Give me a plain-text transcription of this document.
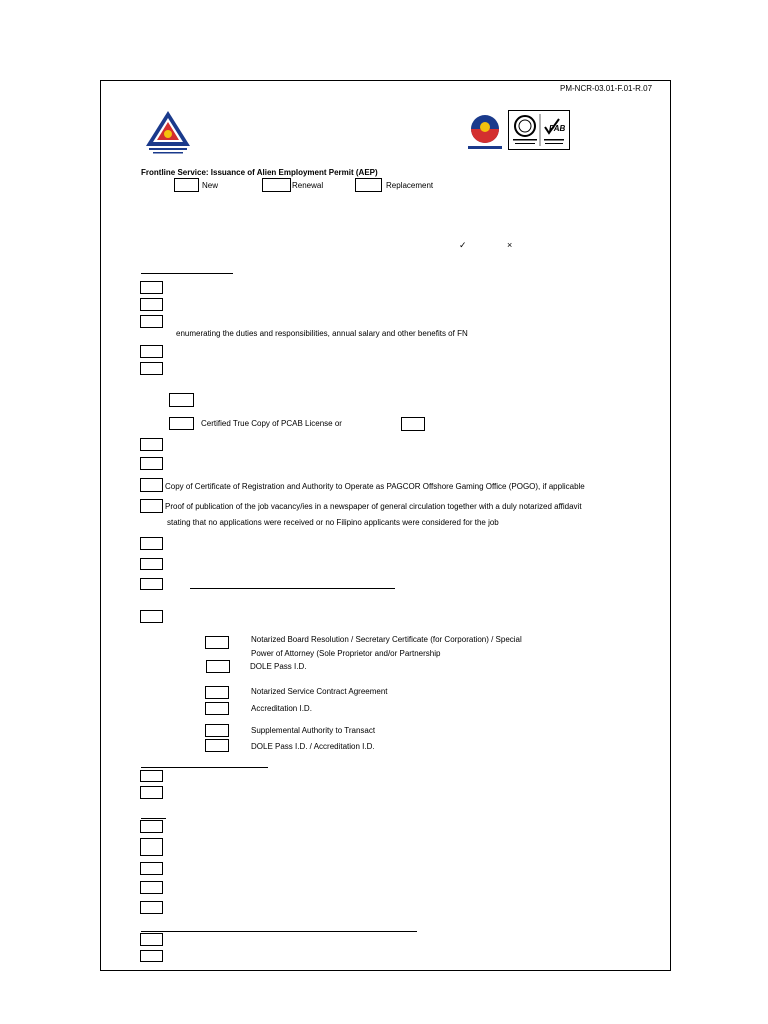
PM-NCR-03.01-F.01-R.07
PAB
Frontline Service: Issuance of Alien Employment Permit (AEP)
New	Renewal	Replacement
✓	×
enumerating the duties and responsibilities, annual salary and other benefits of FN
Certified True Copy of PCAB License or
Copy of Certificate of Registration and Authority to Operate as PAGCOR Offshore Gaming Office (POGO), if applicable
Proof of publication of the job vacancy/ies in a newspaper of general circulation together with a duly notarized affidavit
stating that no applications were received or no Filipino applicants were considered for the job
Notarized Board Resolution / Secretary Certificate (for Corporation) / Special
Power of Attorney (Sole Proprietor and/or Partnership
DOLE Pass I.D.
Notarized Service Contract Agreement
Accreditation I.D.
Supplemental Authority to Transact
DOLE Pass I.D. / Accreditation I.D.
